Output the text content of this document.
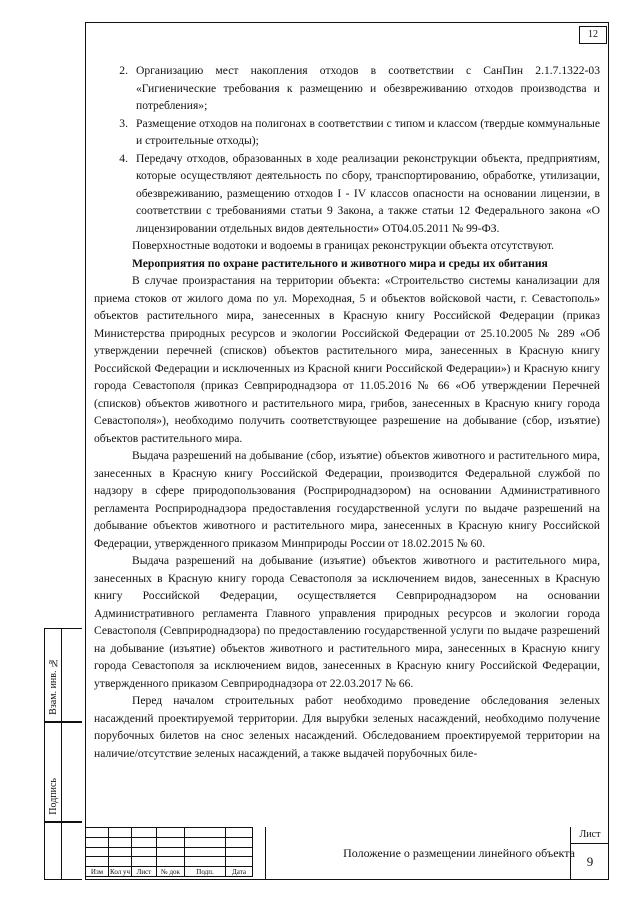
12
2. Организацию мест накопления отходов в соответствии с СанПин 2.1.7.1322-03 «Гигиенические требования к размещению и обезвреживанию отходов производства и потребления»;
3. Размещение отходов на полигонах в соответствии с типом и классом (твердые коммунальные и строительные отходы);
4. Передачу отходов, образованных в ходе реализации реконструкции объекта, предприятиям, которые осуществляют деятельность по сбору, транспортированию, обработке, утилизации, обезвреживанию, размещению отходов I - IV классов опасности на основании лицензии, в соответствии с требованиями статьи 9 Закона, а также статьи 12 Федерального закона «О лицензировании отдельных видов деятельности» ОТ04.05.2011 № 99-ФЗ.

Поверхностные водотоки и водоемы в границах реконструкции объекта отсутствуют.

Мероприятия по охране растительного и животного мира и среды их обитания

В случае произрастания на территории объекта: «Строительство системы канализации для приема стоков от жилого дома по ул. Мореходная, 5 и объектов войсковой части, г. Севастополь» объектов растительного мира, занесенных в Красную книгу Российской Федерации (приказ Министерства природных ресурсов и экологии Российской Федерации от 25.10.2005 № 289 «Об утверждении перечней (списков) объектов растительного мира, занесенных в Красную книгу Российской Федерации и исключенных из Красной книги Российской Федерации») и Красную книгу города Севастополя (приказ Севприроднадзора от 11.05.2016 № 66 «Об утверждении Перечней (списков) объектов животного и растительного мира, грибов, занесенных в Красную книгу города Севастополя»), необходимо получить соответствующее разрешение на добывание (сбор, изъятие) объектов растительного мира.

Выдача разрешений на добывание (сбор, изъятие) объектов животного и растительного мира, занесенных в Красную книгу Российской Федерации, производится Федеральной службой по надзору в сфере природопользования (Росприроднадзором) на основании Административного регламента Росприроднадзора предоставления государственной услуги по выдаче разрешений на добывание объектов животного и растительного мира, занесенных в Красную книгу Российской Федерации, утвержденного приказом Минприроды России от 18.02.2015 № 60.

Выдача разрешений на добывание (изъятие) объектов животного и растительного мира, занесенных в Красную книгу города Севастополя за исключением видов, занесенных в Красную книгу Российской Федерации, осуществляется Севприроднадзором на основании Административного регламента Главного управления природных ресурсов и экологии города Севастополя (Севприроднадзора) по предоставлению государственной услуги по выдаче разрешений на добывание (изъятие) объектов животного и растительного мира, занесенных в Красную книгу города Севастополя за исключением видов, занесенных в Красную книгу Российской Федерации, утвержденного приказом Севприроднадзора от 22.03.2017 № 66.

Перед началом строительных работ необходимо проведение обследования зеленых насаждений проектируемой территории. Для вырубки зеленых насаждений, необходимо получение порубочных билетов на снос зеленых насаждений. Обследованием проектируемой территории на наличие/отсутствие зеленых насаждений, а также выдачей порубочных биле-

Взам. инв. №
Подпись

Изм	Кол уч	Лист	№ док	Подп.	Дата
Положение о размещении линейного объекта
Лист
9
